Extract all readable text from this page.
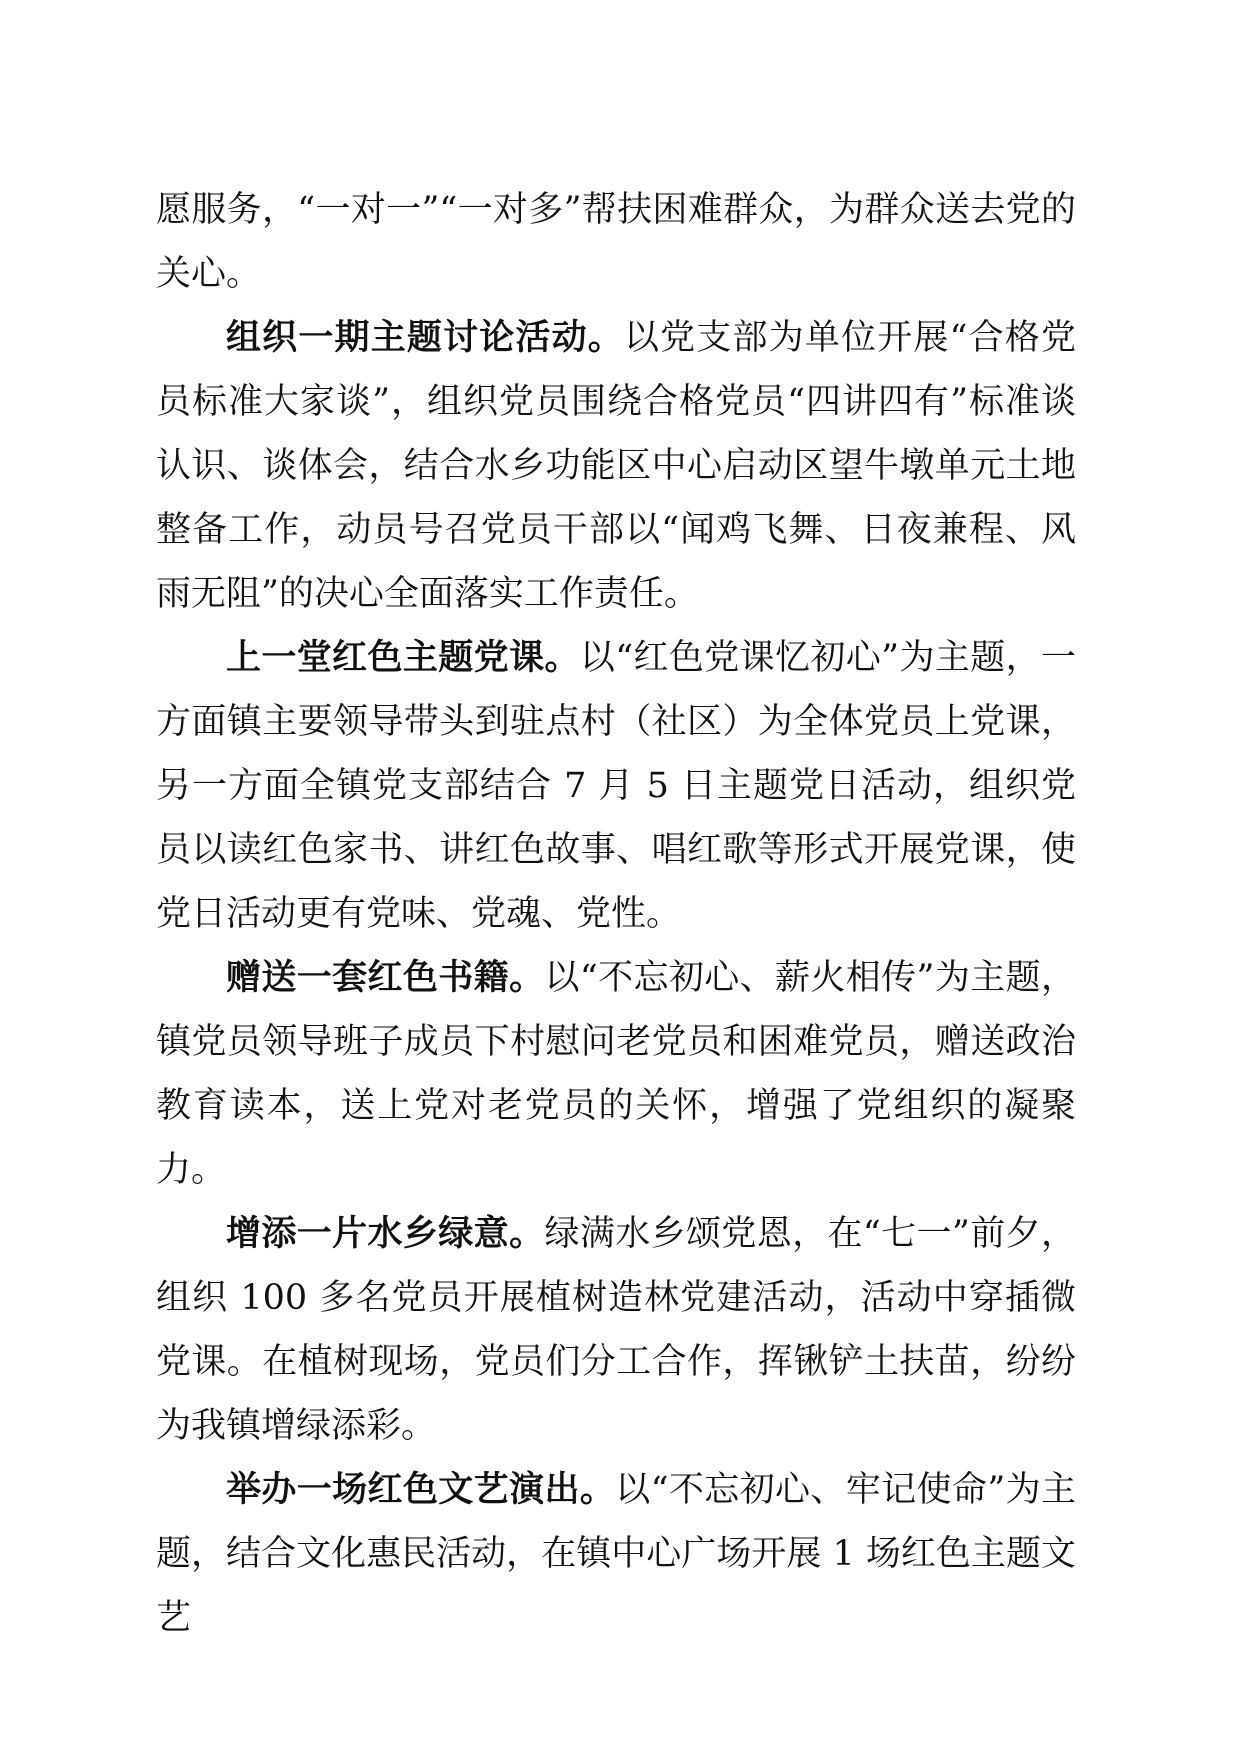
愿服务，“一对一”“一对多”帮扶困难群众，为群众送去党的关心。

组织一期主题讨论活动。以党支部为单位开展“合格党员标准大家谈”，组织党员围绕合格党员“四讲四有”标准谈认识、谈体会，结合水乡功能区中心启动区望牛墩单元土地整备工作，动员号召党员干部以“闻鸡飞舞、日夜兼程、风雨无阻”的决心全面落实工作责任。

上一堂红色主题党课。以“红色党课忆初心”为主题，一方面镇主要领导带头到驻点村（社区）为全体党员上党课，另一方面全镇党支部结合 7 月 5 日主题党日活动，组织党员以读红色家书、讲红色故事、唱红歌等形式开展党课，使党日活动更有党味、党魂、党性。

赠送一套红色书籍。以“不忘初心、薪火相传”为主题，镇党员领导班子成员下村慰问老党员和困难党员，赠送政治教育读本，送上党对老党员的关怀，增强了党组织的凝聚力。

增添一片水乡绿意。绿满水乡颂党恩，在“七一”前夕，组织 100 多名党员开展植树造林党建活动，活动中穿插微党课。在植树现场，党员们分工合作，挥锹铲土扶苗，纷纷为我镇增绿添彩。

举办一场红色文艺演出。以“不忘初心、牢记使命”为主题，结合文化惠民活动，在镇中心广场开展 1 场红色主题文艺
